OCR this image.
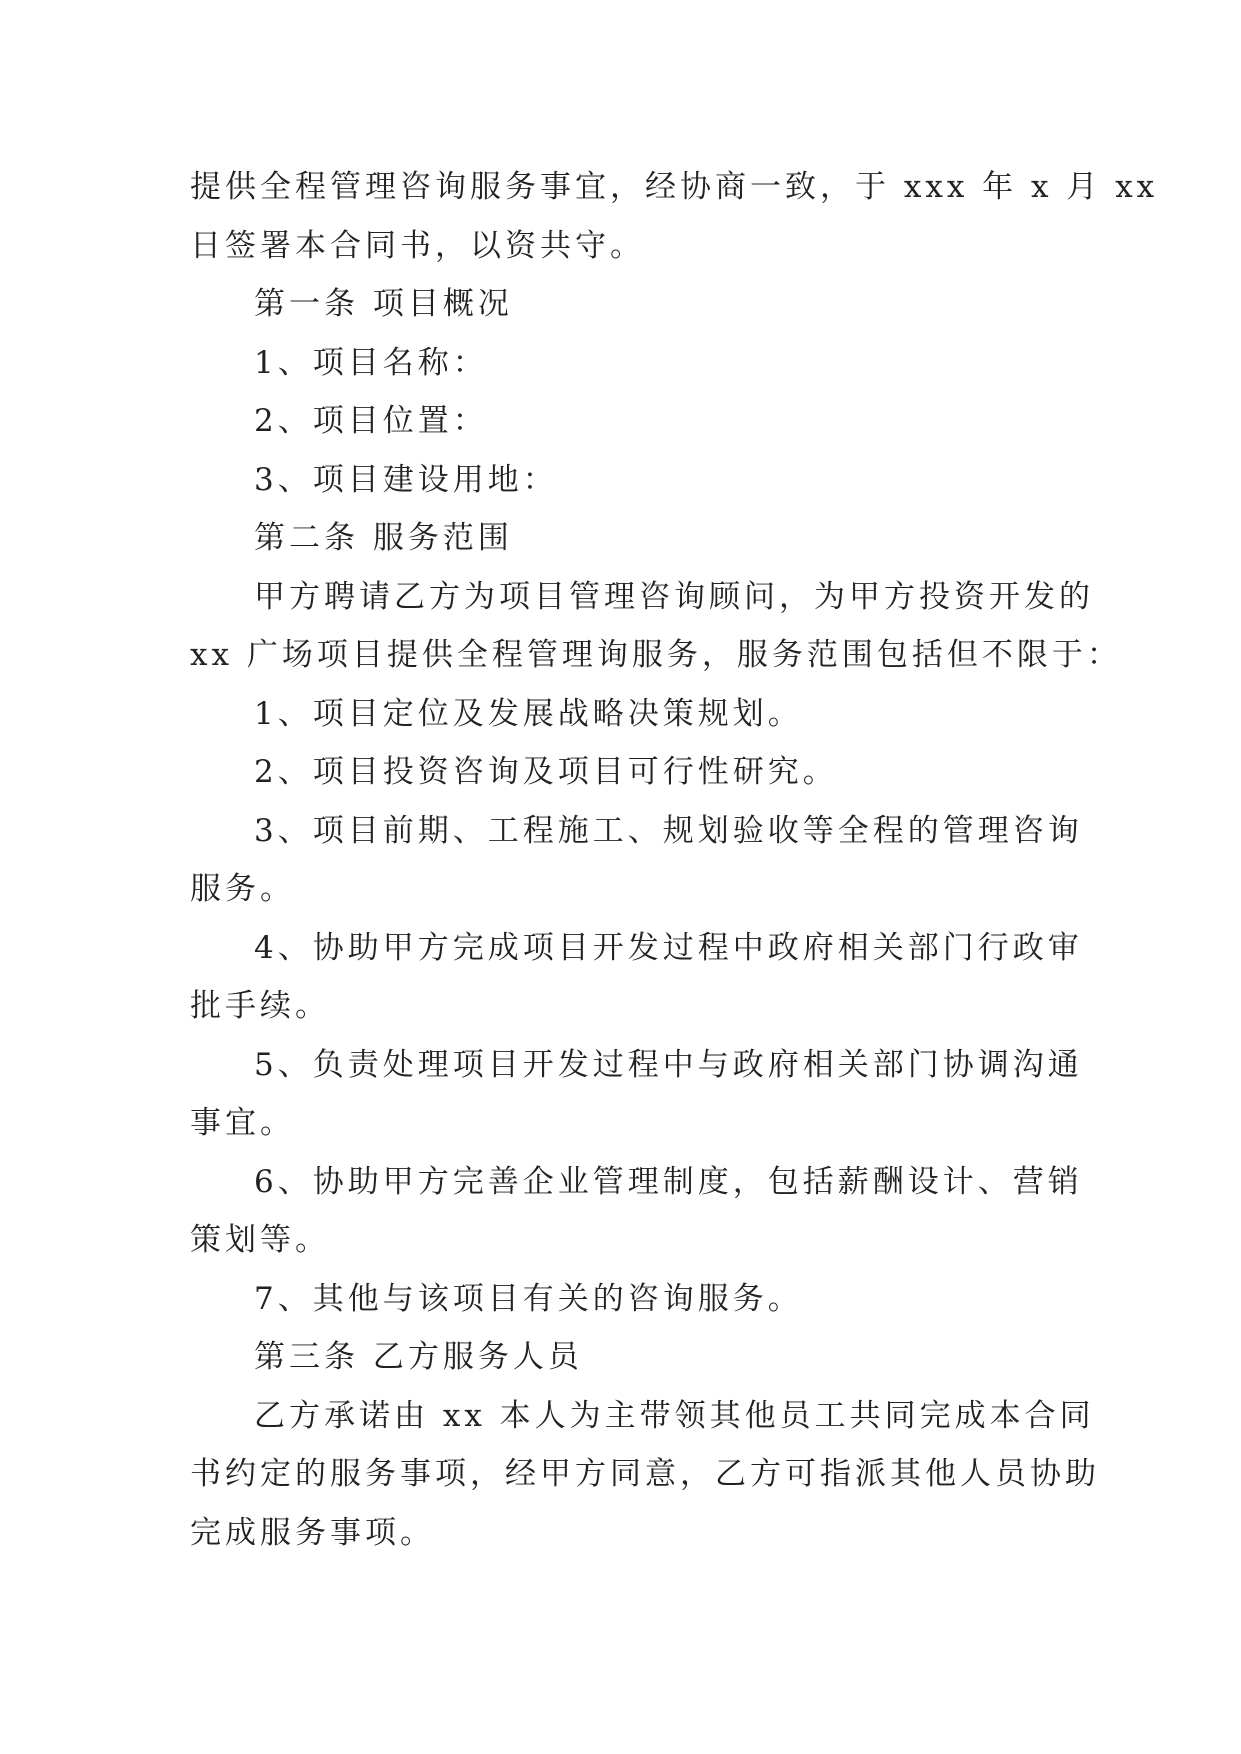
提供全程管理咨询服务事宜，经协商一致，于 xxx 年 x 月 xx

日签署本合同书，以资共守。

第一条 项目概况

1、项目名称：

2、项目位置：

3、项目建设用地：

第二条 服务范围

甲方聘请乙方为项目管理咨询顾问，为甲方投资开发的

xx 广场项目提供全程管理询服务，服务范围包括但不限于：

1、项目定位及发展战略决策规划。

2、项目投资咨询及项目可行性研究。

3、项目前期、工程施工、规划验收等全程的管理咨询

服务。

4、协助甲方完成项目开发过程中政府相关部门行政审

批手续。

5、负责处理项目开发过程中与政府相关部门协调沟通

事宜。

6、协助甲方完善企业管理制度，包括薪酬设计、营销

策划等。

7、其他与该项目有关的咨询服务。

第三条 乙方服务人员

乙方承诺由 xx 本人为主带领其他员工共同完成本合同

书约定的服务事项，经甲方同意，乙方可指派其他人员协助

完成服务事项。
